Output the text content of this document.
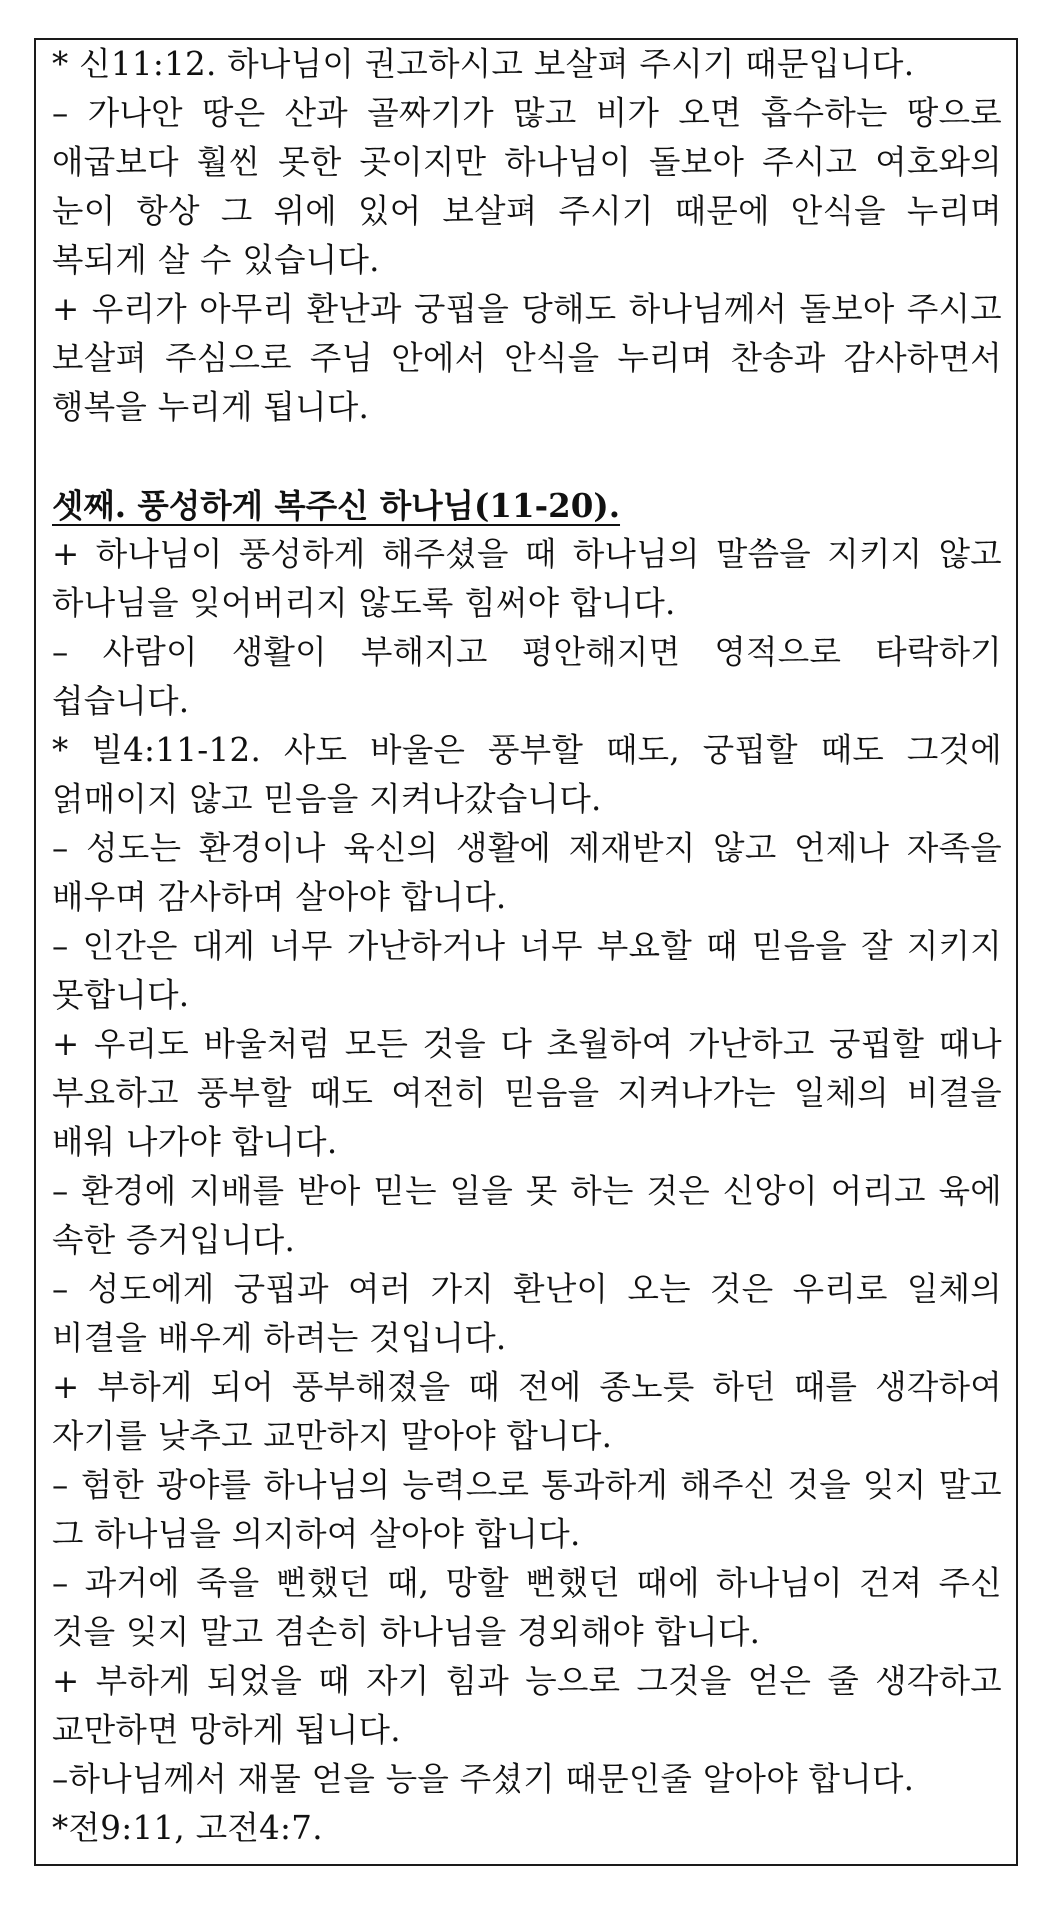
* 신11:12. 하나님이 권고하시고 보살펴 주시기 때문입니다.

– 가나안 땅은 산과 골짜기가 많고 비가 오면 흡수하는 땅으로 애굽보다 훨씬 못한 곳이지만 하나님이 돌보아 주시고 여호와의 눈이 항상 그 위에 있어 보살펴 주시기 때문에 안식을 누리며 복되게 살 수 있습니다.

+ 우리가 아무리 환난과 궁핍을 당해도 하나님께서 돌보아 주시고 보살펴 주심으로 주님 안에서 안식을 누리며 찬송과 감사하면서 행복을 누리게 됩니다.

셋째. 풍성하게 복주신 하나님(11-20).

+ 하나님이 풍성하게 해주셨을 때 하나님의 말씀을 지키지 않고 하나님을 잊어버리지 않도록 힘써야 합니다.

– 사람이 생활이 부해지고 평안해지면 영적으로 타락하기 쉽습니다.

* 빌4:11-12. 사도 바울은 풍부할 때도, 궁핍할 때도 그것에 얽매이지 않고 믿음을 지켜나갔습니다.

– 성도는 환경이나 육신의 생활에 제재받지 않고 언제나 자족을 배우며 감사하며 살아야 합니다.

– 인간은 대게 너무 가난하거나 너무 부요할 때 믿음을 잘 지키지 못합니다.

+ 우리도 바울처럼 모든 것을 다 초월하여 가난하고 궁핍할 때나 부요하고 풍부할 때도 여전히 믿음을 지켜나가는 일체의 비결을 배워 나가야 합니다.

– 환경에 지배를 받아 믿는 일을 못 하는 것은 신앙이 어리고 육에 속한 증거입니다.

– 성도에게 궁핍과 여러 가지 환난이 오는 것은 우리로 일체의 비결을 배우게 하려는 것입니다.

+ 부하게 되어 풍부해졌을 때 전에 종노릇 하던 때를 생각하여 자기를 낮추고 교만하지 말아야 합니다.

– 험한 광야를 하나님의 능력으로 통과하게 해주신 것을 잊지 말고 그 하나님을 의지하여 살아야 합니다.

– 과거에 죽을 뻔했던 때, 망할 뻔했던 때에 하나님이 건져 주신 것을 잊지 말고 겸손히 하나님을 경외해야 합니다.

+ 부하게 되었을 때 자기 힘과 능으로 그것을 얻은 줄 생각하고 교만하면 망하게 됩니다.

–하나님께서 재물 얻을 능을 주셨기 때문인줄 알아야 합니다.

*전9:11, 고전4:7.
